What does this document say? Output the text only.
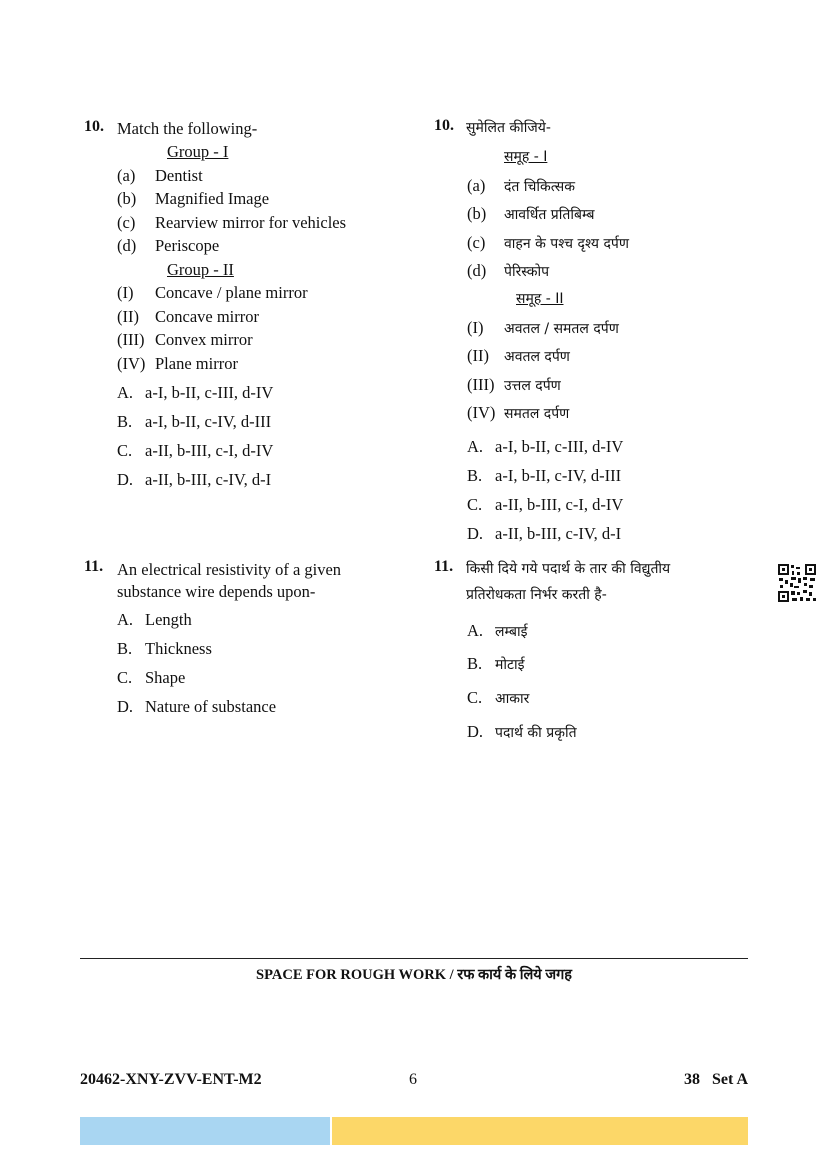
10. Match the following-
Group - I
(a) Dentist
(b) Magnified Image
(c) Rearview mirror for vehicles
(d) Periscope
Group - II
(I) Concave / plane mirror
(II) Concave mirror
(III) Convex mirror
(IV) Plane mirror
A. a-I, b-II, c-III, d-IV
B. a-I, b-II, c-IV, d-III
C. a-II, b-III, c-I, d-IV
D. a-II, b-III, c-IV, d-I
11. An electrical resistivity of a given
substance wire depends upon-
A. Length
B. Thickness
C. Shape
D. Nature of substance
10. सुमेलित कीजिये-
समूह - I
(a) दंत चिकित्सक
(b) आवर्धित प्रतिबिम्ब
(c) वाहन के पश्च दृश्य दर्पण
(d) पेरिस्कोप
समूह - II
(I) अवतल / समतल दर्पण
(II) अवतल दर्पण
(III) उत्तल दर्पण
(IV) समतल दर्पण
A. a-I, b-II, c-III, d-IV
B. a-I, b-II, c-IV, d-III
C. a-II, b-III, c-I, d-IV
D. a-II, b-III, c-IV, d-I
11. किसी दिये गये पदार्थ के तार की विद्युतीय
प्रतिरोधकता निर्भर करती है-
A. लम्बाई
B. मोटाई
C. आकार
D. पदार्थ की प्रकृति
SPACE FOR ROUGH WORK / रफ कार्य के लिये जगह
20462-XNY-ZVV-ENT-M2	6	38   Set A
